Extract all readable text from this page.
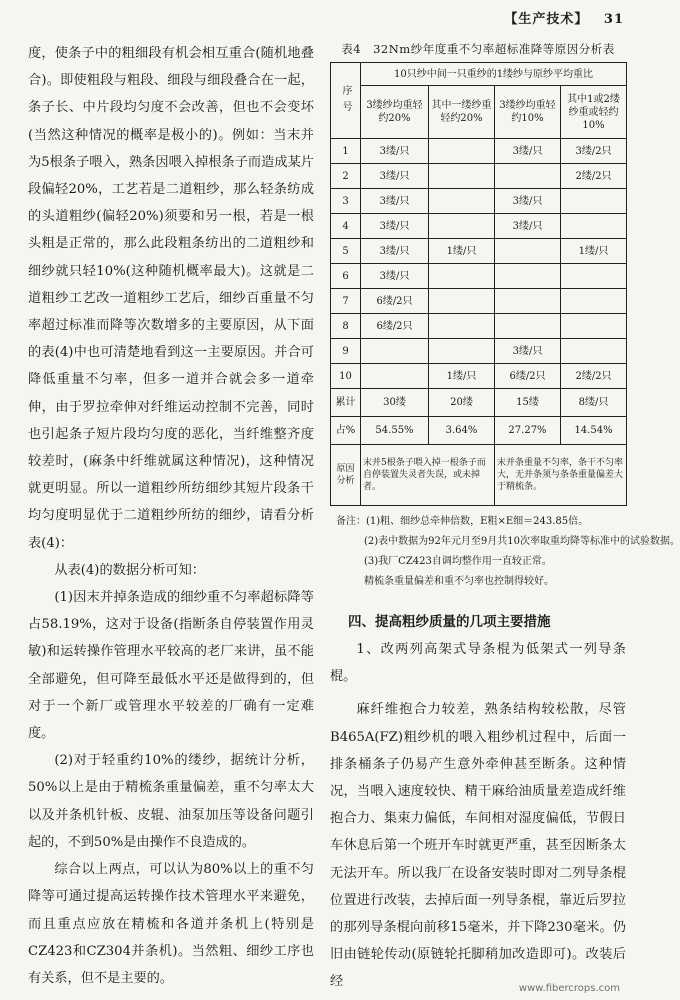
【生产技术】 31

度，使条子中的粗细段有机会相互重合(随机地叠合)。即使粗段与粗段、细段与细段叠合在一起，条子长、中片段均匀度不会改善，但也不会变坏(当然这种情况的概率是极小的)。例如：当末并为5根条子喂入，熟条因喂入掉根条子而造成某片段偏轻20%，工艺若是二道粗纱，那么轻条纺成的头道粗纱(偏轻20%)须要和另一根，若是一根头粗是正常的，那么此段粗条纺出的二道粗纱和细纱就只轻10%(这种随机概率最大)。这就是二道粗纱工艺改一道粗纱工艺后，细纱百重量不匀率超过标准而降等次数增多的主要原因，从下面的表(4)中也可清楚地看到这一主要原因。并合可降低重量不匀率，但多一道并合就会多一道牵伸，由于罗拉牵伸对纤维运动控制不完善，同时也引起条子短片段均匀度的恶化，当纤维整齐度较差时，(麻条中纤维就属这种情况)，这种情况就更明显。所以一道粗纱所纺细纱其短片段条干均匀度明显优于二道粗纱所纺的细纱，请看分析表(4)：

从表(4)的数据分析可知：

(1)因末并掉条造成的细纱重不匀率超标降等占58.19%，这对于设备(指断条自停装置作用灵敏)和运转操作管理水平较高的老厂来讲，虽不能全部避免，但可降至最低水平还是做得到的，但对于一个新厂或管理水平较差的厂确有一定难度。

(2)对于轻重约10%的缕纱，据统计分析，50%以上是由于精梳条重量偏差，重不匀率太大以及并条机针板、皮辊、油泵加压等设备问题引起的，不到50%是由操作不良造成的。

综合以上两点，可以认为80%以上的重不匀降等可通过提高运转操作技术管理水平来避免，而且重点应放在精梳和各道并条机上(特别是CZ423和CZ304并条机)。当然粗、细纱工序也有关系，但不是主要的。

表4　32Nm纱年度重不匀率超标准降等原因分析表
序号	10只纱中间一只重纱的1缕纱与原纱平均重比			
	3缕纱均重轻约20%	其中一缕纱重轻约20%	3缕纱均重轻约10%	其中1或2缕纱重或轻约10%
1	3缕/只		3缕/只	3缕/2只
2	3缕/只			2缕/2只
3	3缕/只		3缕/只	
4	3缕/只		3缕/只	
5	3缕/只	1缕/只		1缕/只
6	3缕/只			
7	6缕/2只			
8	6缕/2只			
9			3缕/只	
10		1缕/只	6缕/2只	2缕/2只
累计	30缕	20缕	15缕	8缕/只
占%	54.55%	3.64%	27.27%	14.54%
原因分析	末并5根条子喂入掉一根条子而自停装置失灵者失误，或未掉者。		末并条重量不匀率，条干不匀率大，无并条须与条条重量偏差大于精梳条。	
备注：(1)粗、细纱总牵伸倍数，E粗×E细＝243.85倍。
(2)表中数据为92年元月至9月共10次率取重均降等标准中的试验数据。
(3)我厂CZ423自调均整作用一直较正常。
精梳条重量偏差和重不匀率也控制得较好。
四、提高粗纱质量的几项主要措施

1、改两列高架式导条棍为低架式一列导条棍。

麻纤维抱合力较差，熟条结构较松散，尽管B465A(FZ)粗纱机的喂入粗纱机过程中，后面一排条桶条子仍易产生意外牵伸甚至断条。这种情况，当喂入速度较快、精干麻给油质量差造成纤维抱合力、集束力偏低，车间相对湿度偏低，节假日车休息后第一个班开车时就更严重，甚至因断条太无法开车。所以我厂在设备安装时即对二列导条棍位置进行改装，去掉后面一列导条棍，靠近后罗拉的那列导条棍向前移15毫米，并下降230毫米。仍旧由链轮传动(原链轮托脚稍加改造即可)。改装后经	www.fibercrops.com
